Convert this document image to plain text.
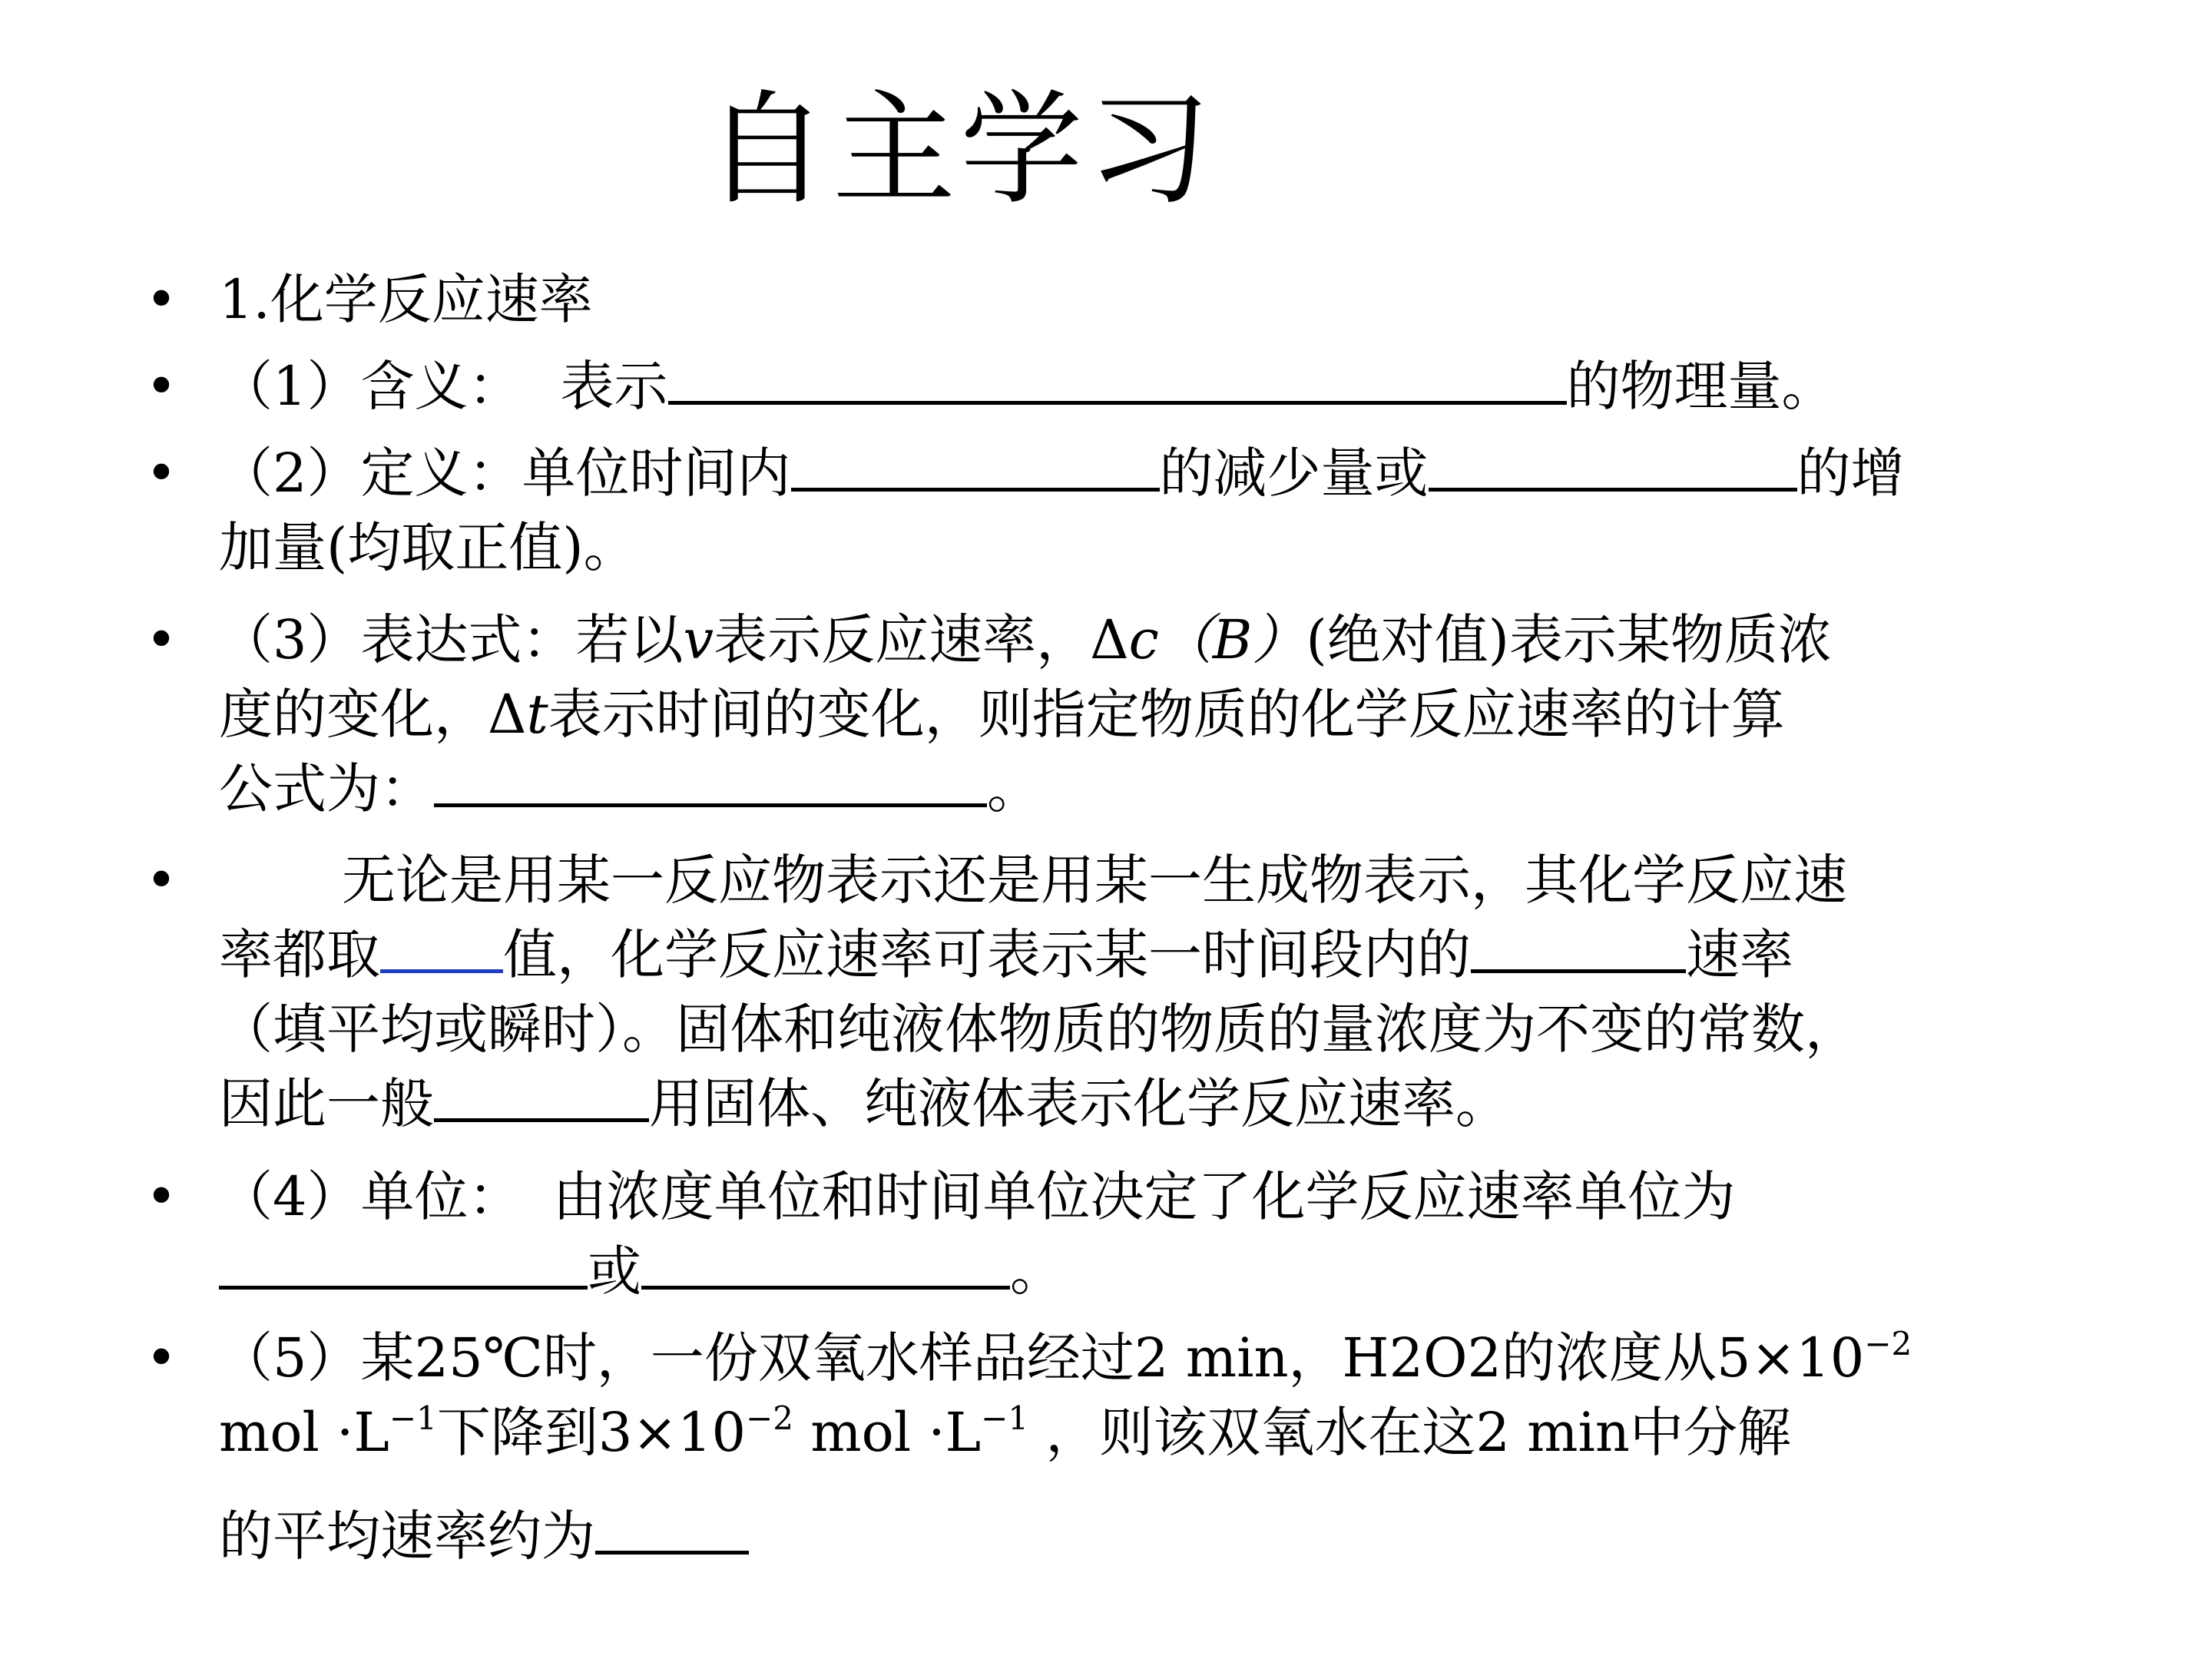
自主学习
• 1.化学反应速率
• （1）含义： 表示	的物理量。
• （2）定义：单位时间内	的减少量或	的增
加量(均取正值)。
• （3）表达式：若以v表示反应速率，Δc（B）(绝对值)表示某物质浓
度的变化，Δt表示时间的变化，则指定物质的化学反应速率的计算
公式为：	。
•	无论是用某一反应物表示还是用某一生成物表示，其化学反应速
率都取 值，化学反应速率可表示某一时间段内的	速率
（填平均或瞬时）。固体和纯液体物质的物质的量浓度为不变的常数，
因此一般	用固体、纯液体表示化学反应速率。
• （4）单位： 由浓度单位和时间单位决定了化学反应速率单位为
或	。
• （5）某25℃时，一份双氧水样品经过2 min，H2O2的浓度从$5\times 10^{-2}$
mol $\cdot L^{-1}$下降到$3\times 10^{-2}$ mol $\cdot L^{-1}$ ，则该双氧水在这2 min中分解
的平均速率约为
